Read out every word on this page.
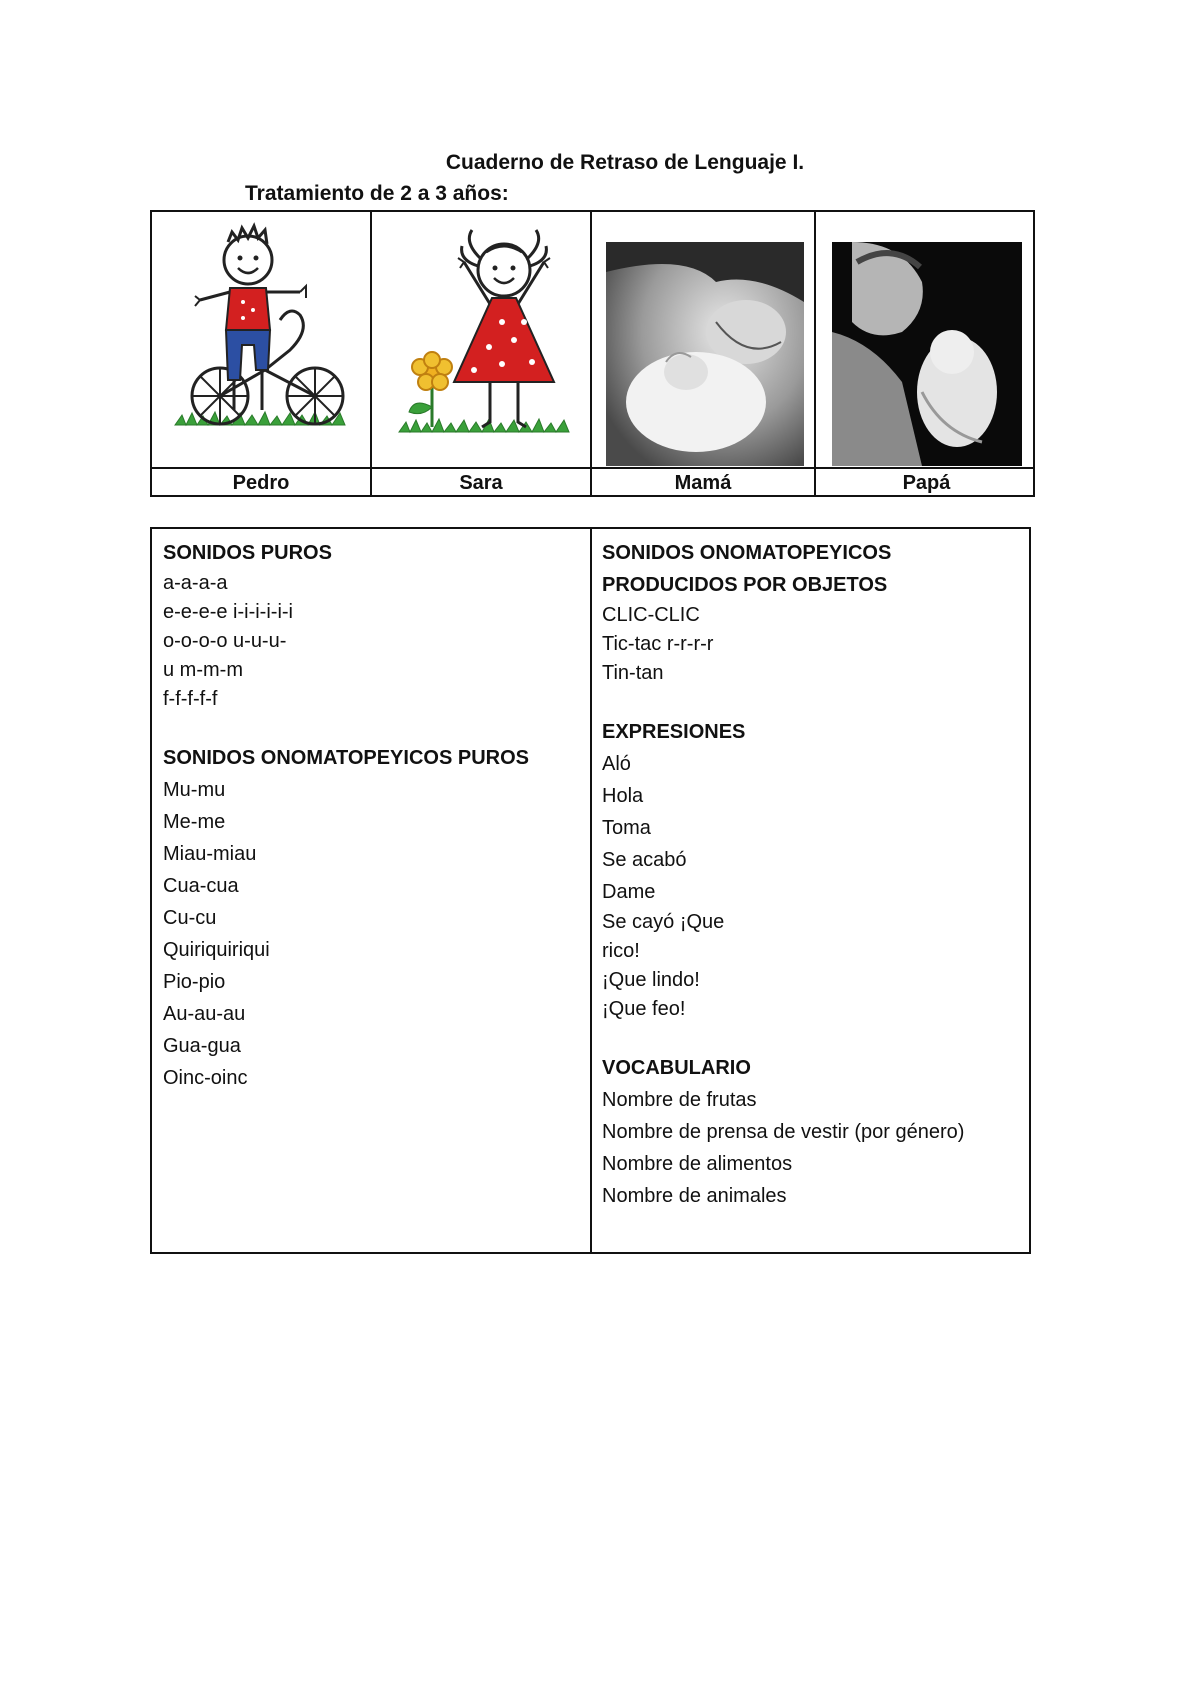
Cuaderno de Retraso de Lenguaje I.
Tratamiento de 2 a 3 años:
Pedro	Sara	Mamá	Papá
SONIDOS PUROS
a-a-a-a
e-e-e-e i-i-i-i-i-i
o-o-o-o u-u-u-
u m-m-m
f-f-f-f-f
SONIDOS ONOMATOPEYICOS PUROS
Mu-mu
Me-me
Miau-miau
Cua-cua
Cu-cu
Quiriquiriqui
Pio-pio
Au-au-au
Gua-gua
Oinc-oinc
SONIDOS ONOMATOPEYICOS
PRODUCIDOS POR OBJETOS
CLIC-CLIC
Tic-tac r-r-r-r
Tin-tan
EXPRESIONES
Aló
Hola
Toma
Se acabó
Dame
Se cayó ¡Que
rico!
¡Que lindo!
¡Que feo!
VOCABULARIO
Nombre de frutas
Nombre de prensa de vestir (por género)
Nombre de alimentos
Nombre de animales
